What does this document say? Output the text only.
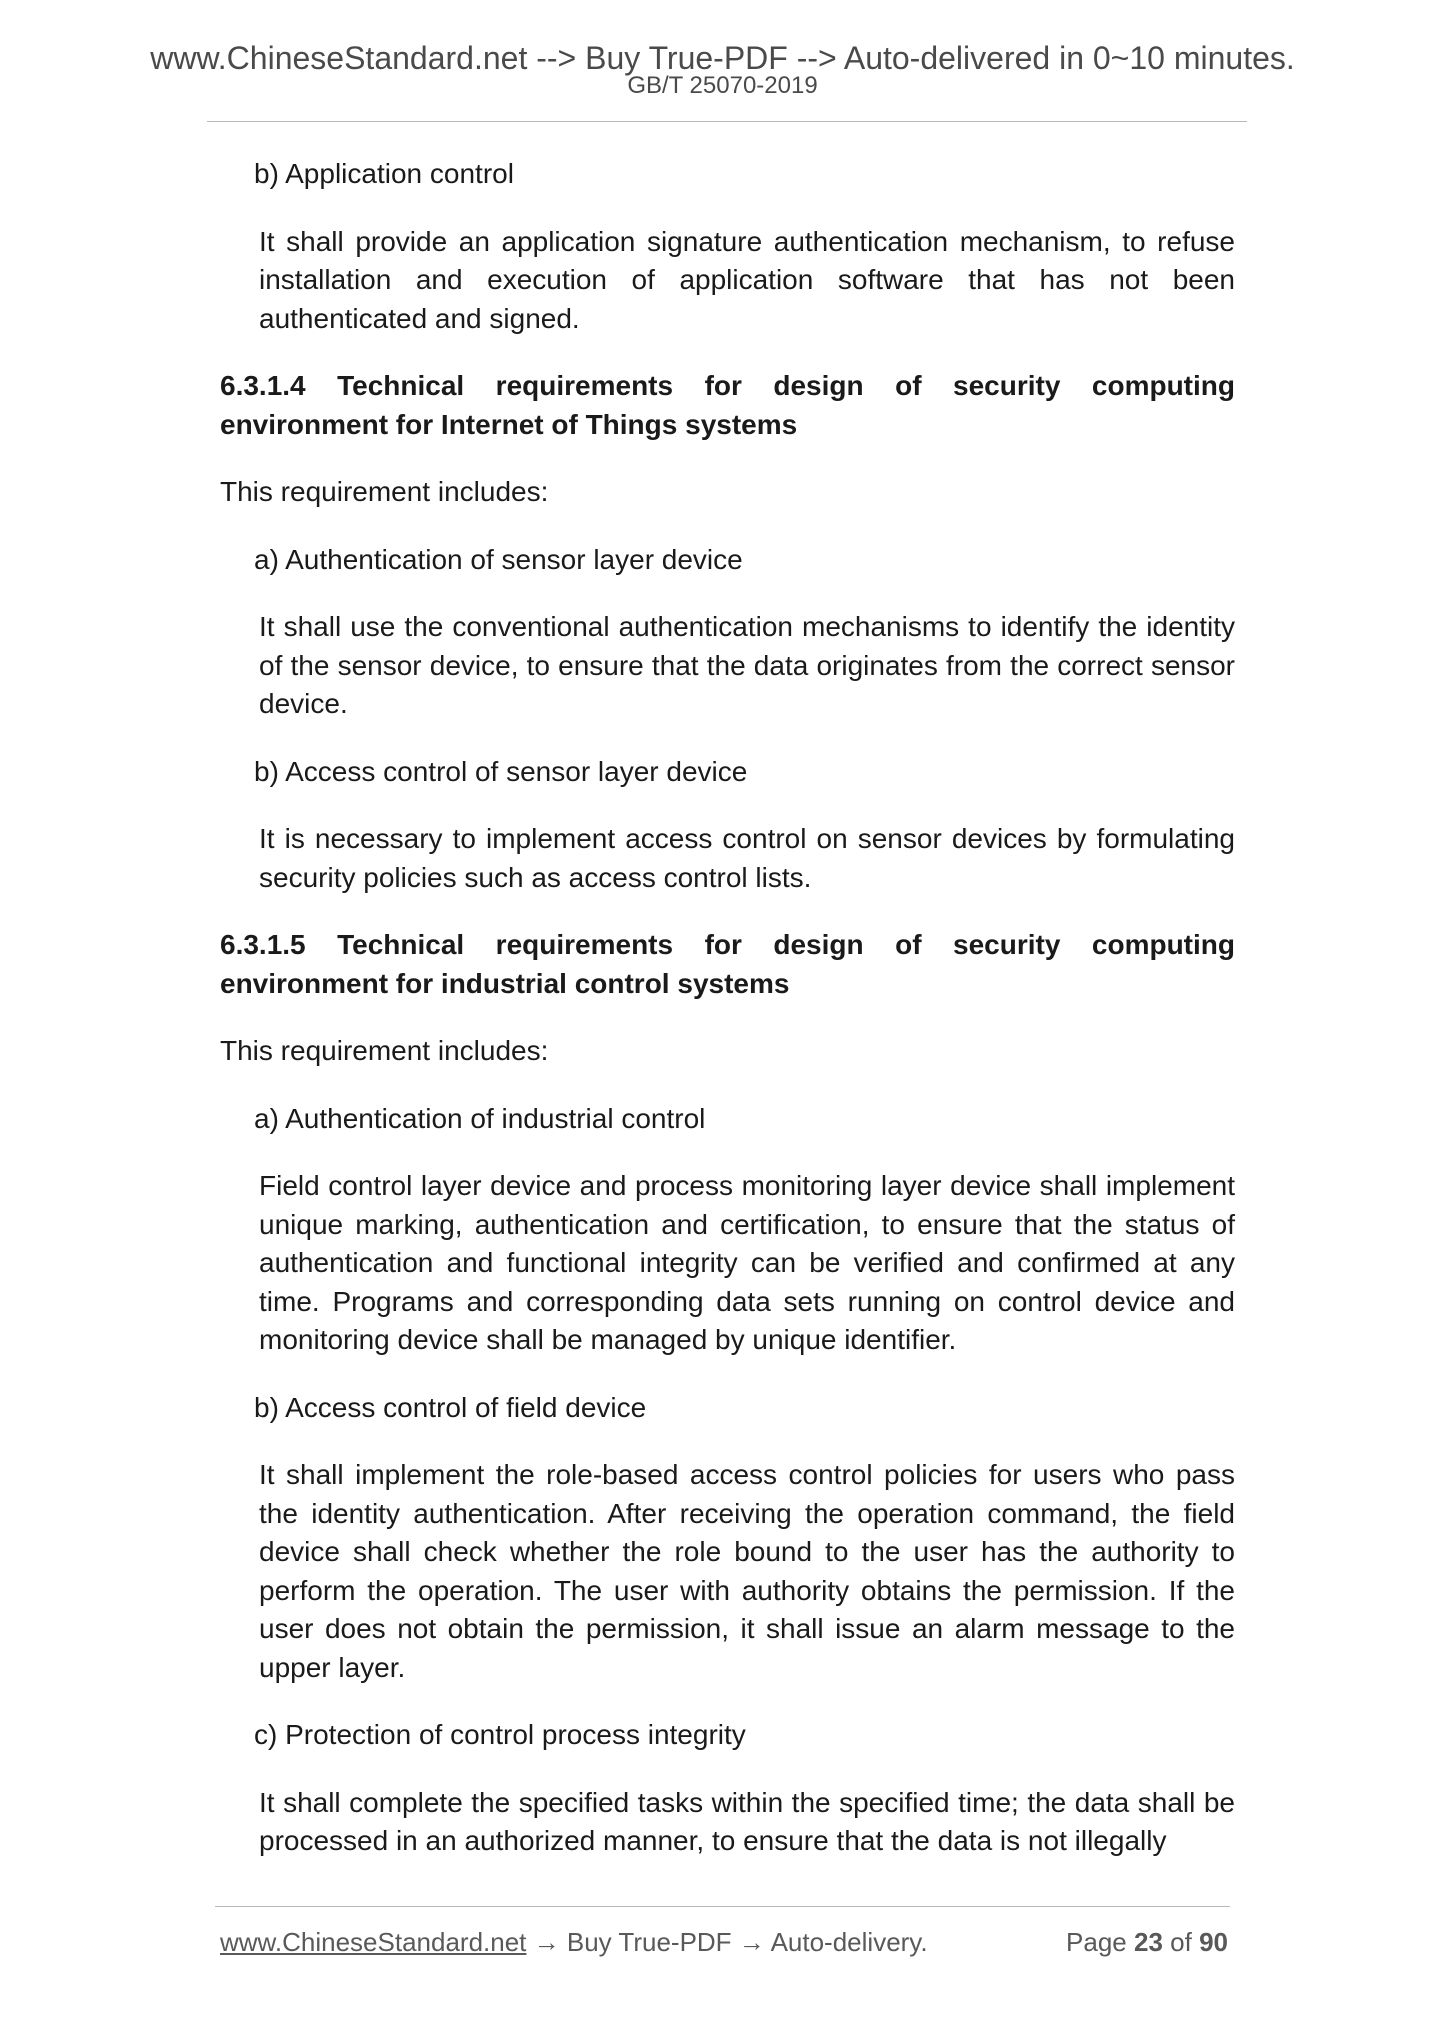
www.ChineseStandard.net --> Buy True-PDF --> Auto-delivered in 0~10 minutes.
GB/T 25070-2019

b) Application control

It shall provide an application signature authentication mechanism, to refuse installation and execution of application software that has not been authenticated and signed.

6.3.1.4 Technical requirements for design of security computing environment for Internet of Things systems

This requirement includes:

a) Authentication of sensor layer device

It shall use the conventional authentication mechanisms to identify the identity of the sensor device, to ensure that the data originates from the correct sensor device.

b) Access control of sensor layer device

It is necessary to implement access control on sensor devices by formulating security policies such as access control lists.

6.3.1.5 Technical requirements for design of security computing environment for industrial control systems

This requirement includes:

a) Authentication of industrial control

Field control layer device and process monitoring layer device shall implement unique marking, authentication and certification, to ensure that the status of authentication and functional integrity can be verified and confirmed at any time. Programs and corresponding data sets running on control device and monitoring device shall be managed by unique identifier.

b) Access control of field device

It shall implement the role-based access control policies for users who pass the identity authentication. After receiving the operation command, the field device shall check whether the role bound to the user has the authority to perform the operation. The user with authority obtains the permission. If the user does not obtain the permission, it shall issue an alarm message to the upper layer.

c) Protection of control process integrity

It shall complete the specified tasks within the specified time; the data shall be processed in an authorized manner, to ensure that the data is not illegally

www.ChineseStandard.net → Buy True-PDF → Auto-delivery.	Page 23 of 90
